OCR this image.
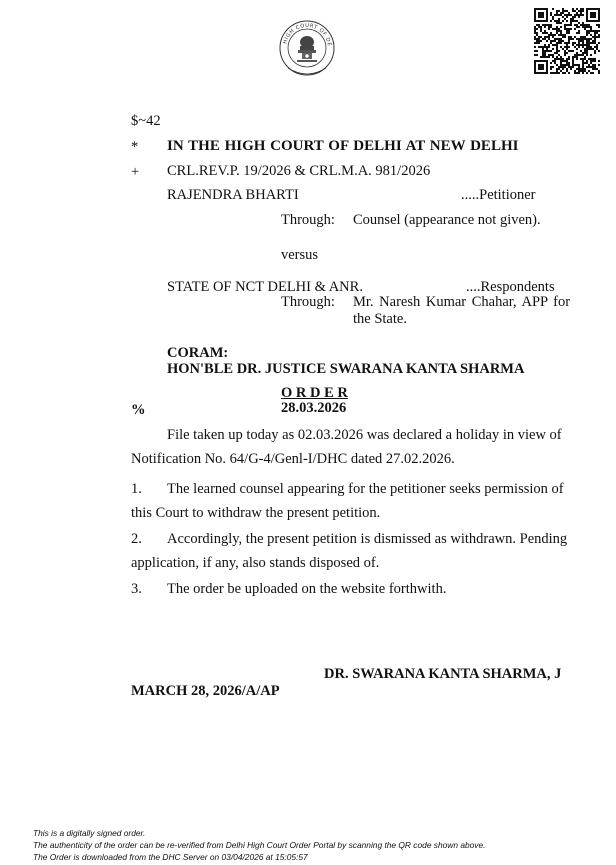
HIGH COURT OF DE
$~42
* IN THE HIGH COURT OF DELHI AT NEW DELHI
+ CRL.REV.P. 19/2026 & CRL.M.A. 981/2026
RAJENDRA BHARTI	.....Petitioner
Through: Counsel (appearance not given).
versus
STATE OF NCT DELHI & ANR.	....Respondents
Through: Mr. Naresh Kumar Chahar, APP for
the State.
CORAM:
HON'BLE DR. JUSTICE SWARANA KANTA SHARMA
O R D E R
%	28.03.2026
File taken up today as 02.03.2026 was declared a holiday in view of
Notification No. 64/G-4/Genl-I/DHC dated 27.02.2026.
1. The learned counsel appearing for the petitioner seeks permission of
this Court to withdraw the present petition.
2. Accordingly, the present petition is dismissed as withdrawn. Pending
application, if any, also stands disposed of.
3. The order be uploaded on the website forthwith.
DR. SWARANA KANTA SHARMA, J
MARCH 28, 2026/A/AP
This is a digitally signed order.
The authenticity of the order can be re-verified from Delhi High Court Order Portal by scanning the QR code shown above.
The Order is downloaded from the DHC Server on 03/04/2026 at 15:05:57
